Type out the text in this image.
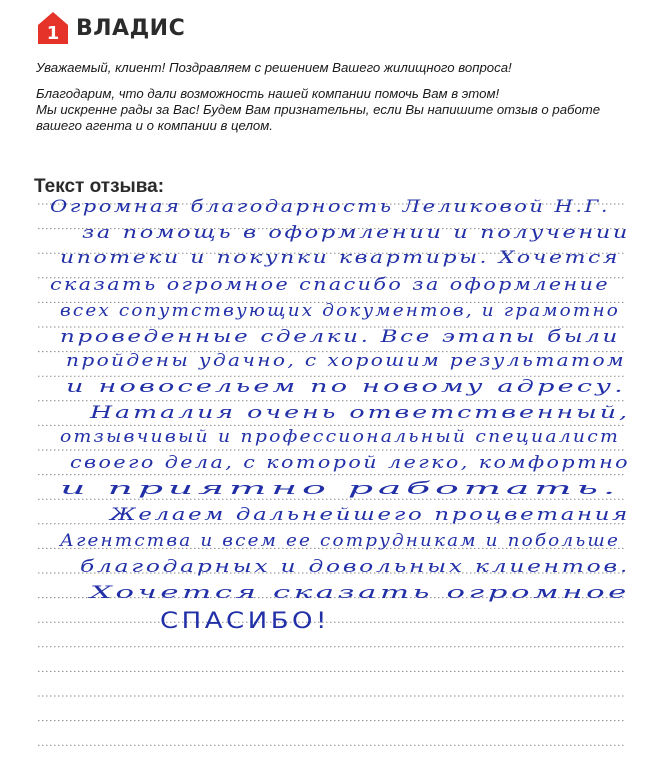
1 ВЛАДИС

Уважаемый, клиент! Поздравляем с решением Вашего жилищного вопроса!

Благодарим, что дали возможность нашей компании помочь Вам в этом!

Мы искренне рады за Вас! Будем Вам признательны, если Вы напишите отзыв о работе

вашего агента и о компании в целом.

Текст отзыва:
Огромная благодарность Леликовой Н.Г.
за помощь в оформлении и получении
ипотеки и покупки квартиры. Хочется
сказать огромное спасибо за оформление
всех сопутствующих документов, и грамотно
проведенные сделки. Все этапы были
пройдены удачно, с хорошим результатом
и новосельем по новому адресу.
Наталия очень ответственный,
отзывчивый и профессиональный специалист
своего дела, с которой легко, комфортно
и приятно работать.
Желаем дальнейшего процветания
Агентства и всем ее сотрудникам и побольше
благодарных и довольных клиентов.
Хочется сказать огромное
СПАСИБО!
